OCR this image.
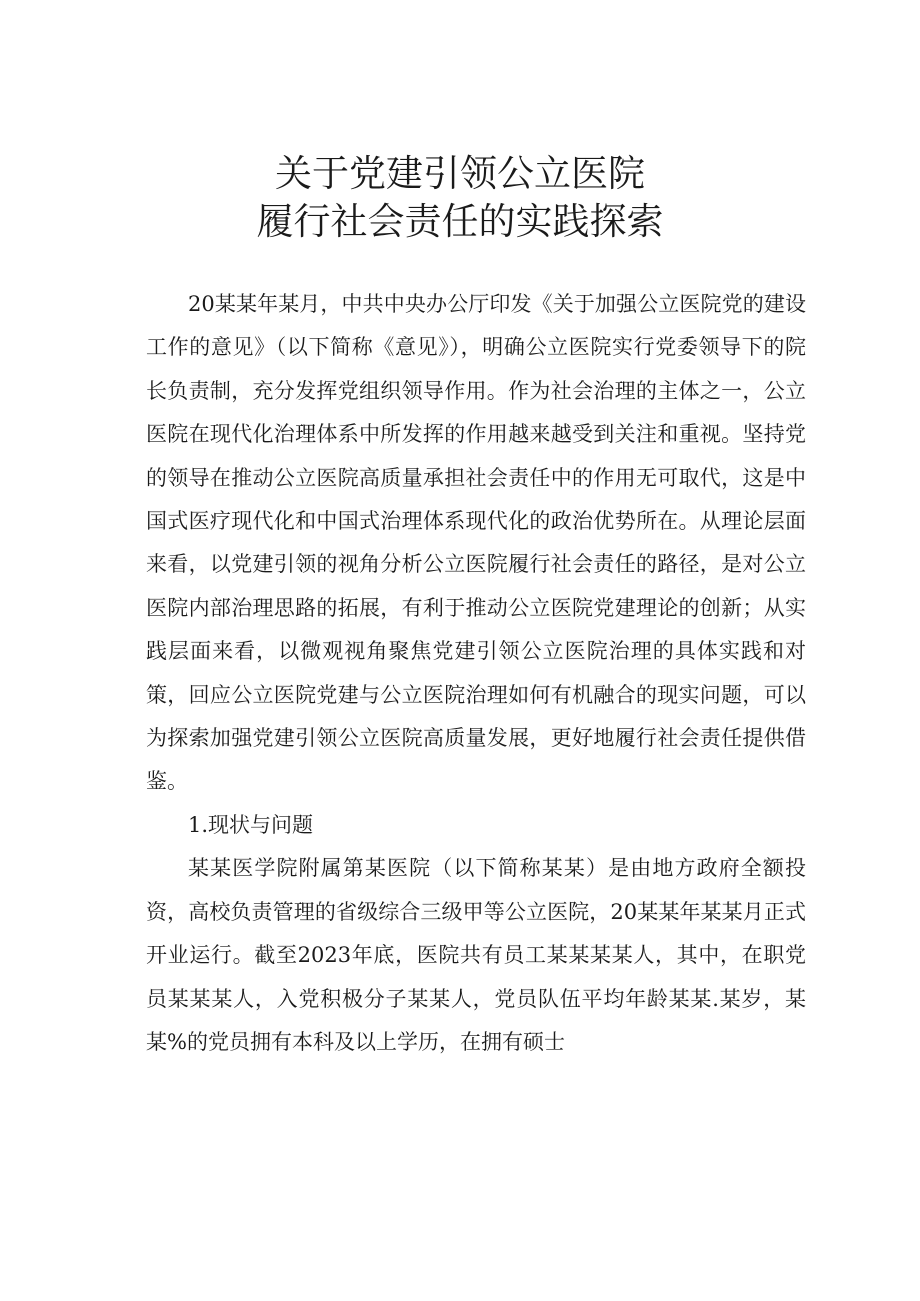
关于党建引领公立医院
履行社会责任的实践探索

20某某年某月，中共中央办公厅印发《关于加强公立医院党的建设工作的意见》（以下简称《意见》），明确公立医院实行党委领导下的院长负责制，充分发挥党组织领导作用。作为社会治理的主体之一，公立医院在现代化治理体系中所发挥的作用越来越受到关注和重视。坚持党的领导在推动公立医院高质量承担社会责任中的作用无可取代，这是中国式医疗现代化和中国式治理体系现代化的政治优势所在。从理论层面来看，以党建引领的视角分析公立医院履行社会责任的路径，是对公立医院内部治理思路的拓展，有利于推动公立医院党建理论的创新；从实践层面来看，以微观视角聚焦党建引领公立医院治理的具体实践和对策，回应公立医院党建与公立医院治理如何有机融合的现实问题，可以为探索加强党建引领公立医院高质量发展，更好地履行社会责任提供借鉴。

1.现状与问题

某某医学院附属第某医院（以下简称某某）是由地方政府全额投资，高校负责管理的省级综合三级甲等公立医院，20某某年某某月正式开业运行。截至2023年底，医院共有员工某某某某人，其中，在职党员某某某人，入党积极分子某某人，党员队伍平均年龄某某.某岁，某某%的党员拥有本科及以上学历，在拥有硕士
